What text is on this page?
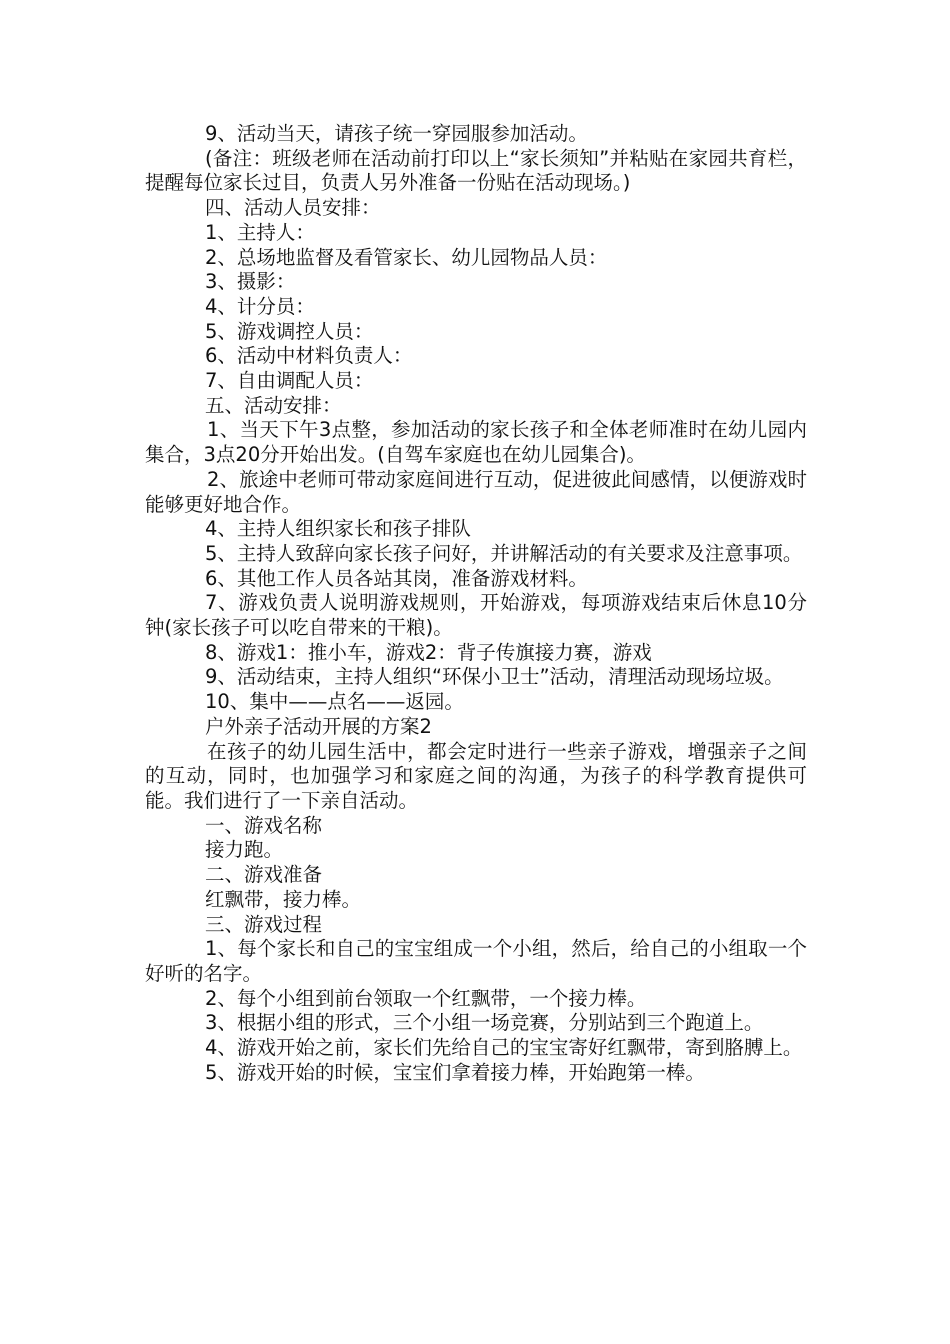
9、活动当天，请孩子统一穿园服参加活动。

(备注：班级老师在活动前打印以上“家长须知”并粘贴在家园共育栏，提醒每位家长过目，负责人另外准备一份贴在活动现场。)

四、活动人员安排：

1、主持人：

2、总场地监督及看管家长、幼儿园物品人员：

3、摄影：

4、计分员：

5、游戏调控人员：

6、活动中材料负责人：

7、自由调配人员：

五、活动安排：

1、当天下午3点整，参加活动的家长孩子和全体老师准时在幼儿园内集合，3点20分开始出发。(自驾车家庭也在幼儿园集合)。

2、旅途中老师可带动家庭间进行互动，促进彼此间感情，以便游戏时能够更好地合作。

4、主持人组织家长和孩子排队

5、主持人致辞向家长孩子问好，并讲解活动的有关要求及注意事项。

6、其他工作人员各站其岗，准备游戏材料。

7、游戏负责人说明游戏规则，开始游戏，每项游戏结束后休息10分钟(家长孩子可以吃自带来的干粮)。

8、游戏1：推小车，游戏2：背子传旗接力赛，游戏

9、活动结束，主持人组织“环保小卫士”活动，清理活动现场垃圾。

10、集中——点名——返园。

户外亲子活动开展的方案2

在孩子的幼儿园生活中，都会定时进行一些亲子游戏，增强亲子之间的互动，同时，也加强学习和家庭之间的沟通，为孩子的科学教育提供可能。我们进行了一下亲自活动。

一、游戏名称

接力跑。

二、游戏准备

红飘带，接力棒。

三、游戏过程

1、每个家长和自己的宝宝组成一个小组，然后，给自己的小组取一个好听的名字。

2、每个小组到前台领取一个红飘带，一个接力棒。

3、根据小组的形式，三个小组一场竞赛，分别站到三个跑道上。

4、游戏开始之前，家长们先给自己的宝宝寄好红飘带，寄到胳膊上。

5、游戏开始的时候，宝宝们拿着接力棒，开始跑第一棒。
